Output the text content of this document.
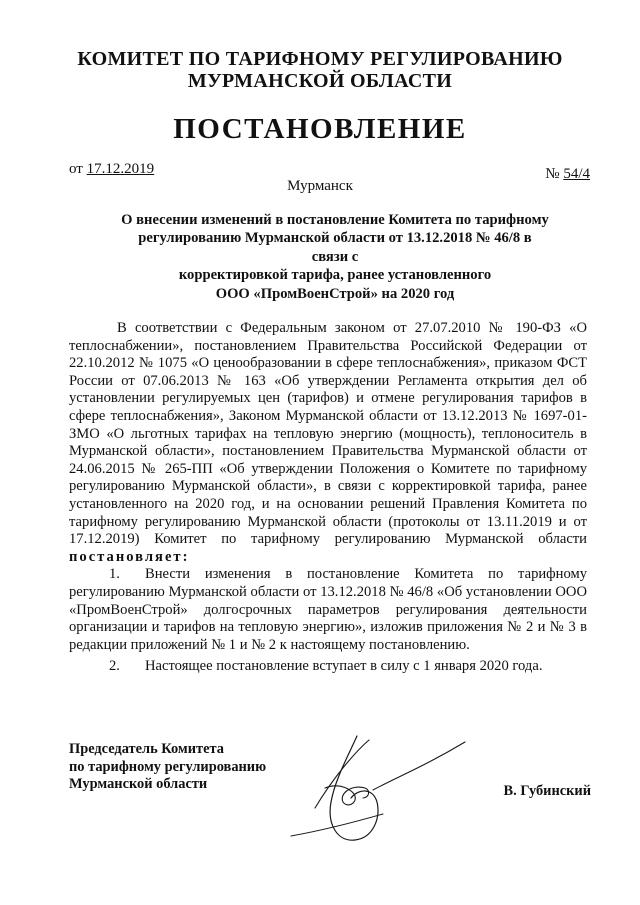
КОМИТЕТ ПО ТАРИФНОМУ РЕГУЛИРОВАНИЮ
МУРМАНСКОЙ ОБЛАСТИ
ПОСТАНОВЛЕНИЕ
от 17.12.2019	№ 54/4
Мурманск
О внесении изменений в постановление Комитета по тарифному
регулированию Мурманской области от 13.12.2018 № 46/8 в связи с
корректировкой тарифа, ранее установленного
ООО «ПромВоенСтрой» на 2020 год

В соответствии с Федеральным законом от 27.07.2010 № 190-ФЗ «О теплоснабжении», постановлением Правительства Российской Федерации от 22.10.2012 № 1075 «О ценообразовании в сфере теплоснабжения», приказом ФСТ России от 07.06.2013 № 163 «Об утверждении Регламента открытия дел об установлении регулируемых цен (тарифов) и отмене регулирования тарифов в сфере теплоснабжения», Законом Мурманской области от 13.12.2013 № 1697-01-ЗМО «О льготных тарифах на тепловую энергию (мощность), теплоноситель в Мурманской области», постановлением Правительства Мурманской области от 24.06.2015 № 265-ПП «Об утверждении Положения о Комитете по тарифному регулированию Мурманской области», в связи с корректировкой тарифа, ранее установленного на 2020 год, и на основании решений Правления Комитета по тарифному регулированию Мурманской области (протоколы от 13.11.2019 и от 17.12.2019) Комитет по тарифному регулированию Мурманской области постановляет:

1. Внести изменения в постановление Комитета по тарифному регулированию Мурманской области от 13.12.2018 № 46/8 «Об установлении ООО «ПромВоенСтрой» долгосрочных параметров регулирования деятельности организации и тарифов на тепловую энергию», изложив приложения № 2 и № 3 в редакции приложений № 1 и № 2 к настоящему постановлению.

2. Настоящее постановление вступает в силу с 1 января 2020 года.

Председатель Комитета
по тарифному регулированию
Мурманской области	В. Губинский
